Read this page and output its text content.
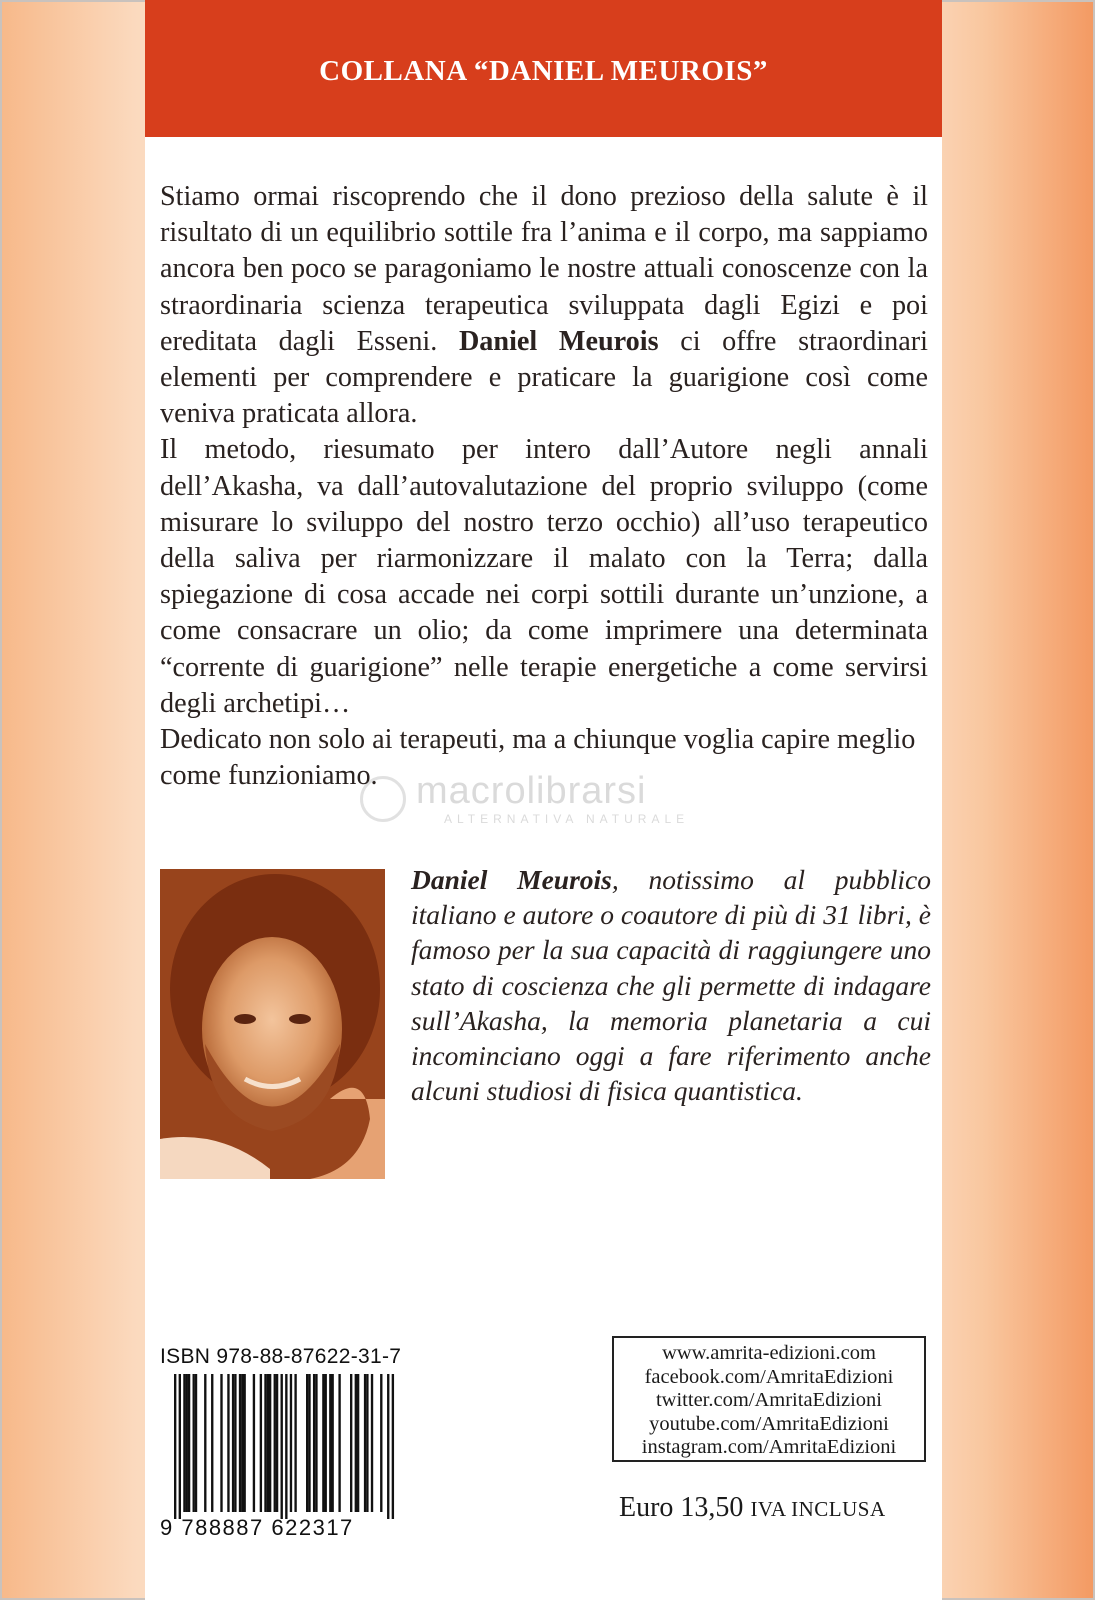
COLLANA “DANIEL MEUROIS”

Stiamo ormai riscoprendo che il dono prezioso della salute è il risultato di un equilibrio sottile fra l’anima e il corpo, ma sappiamo ancora ben poco se paragoniamo le nostre attuali conoscenze con la straordinaria scienza terapeutica sviluppata dagli Egizi e poi ereditata dagli Esseni. Daniel Meurois ci offre straordinari elementi per comprendere e praticare la guarigione così come veniva praticata allora.

Il metodo, riesumato per intero dall’Autore negli annali dell’Akasha, va dall’autovalutazione del proprio sviluppo (come misurare lo sviluppo del nostro terzo occhio) all’uso terapeutico della saliva per riarmonizzare il malato con la Terra; dalla spiegazione di cosa accade nei corpi sottili durante un’unzione, a come consacrare un olio; da come imprimere una determinata “corrente di guarigione” nelle terapie energetiche a come servirsi degli archetipi…

Dedicato non solo ai terapeuti, ma a chiunque voglia capire meglio come funzioniamo.	macrolibrarsi
ALTERNATIVA NATURALE

Daniel Meurois, notissimo al pubblico italiano e autore o coautore di più di 31 libri, è famoso per la sua capacità di raggiungere uno stato di coscienza che gli permette di indagare sull’Akasha, la memoria planetaria a cui incominciano oggi a fare riferimento anche alcuni studiosi di fisica quantistica.

ISBN 978-88-87622-31-7
9 788887 622317
www.amrita-edizioni.com
facebook.com/AmritaEdizioni
twitter.com/AmritaEdizioni
youtube.com/AmritaEdizioni
instagram.com/AmritaEdizioni
Euro 13,50 IVA INCLUSA
